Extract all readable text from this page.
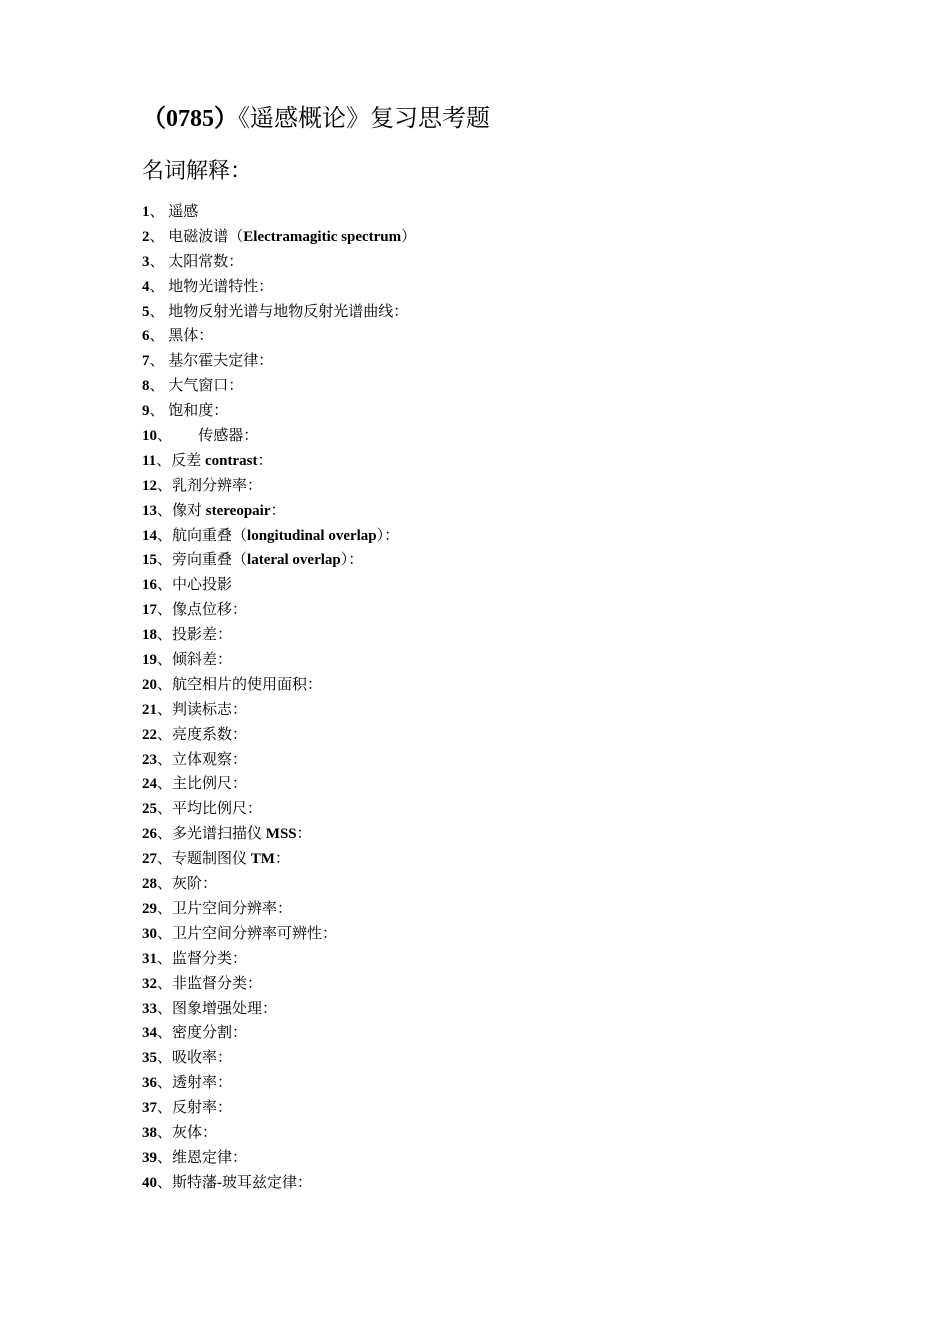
（0785）《遥感概论》复习思考题
名词解释：
1、 遥感
2、 电磁波谱（Electramagitic spectrum）
3、 太阳常数：
4、 地物光谱特性：
5、 地物反射光谱与地物反射光谱曲线：
6、 黑体：
7、 基尔霍夫定律：
8、 大气窗口：
9、 饱和度：
10、 传感器：
11、反差 contrast：
12、乳剂分辨率：
13、像对 stereopair：
14、航向重叠（longitudinal overlap）：
15、旁向重叠（lateral overlap）：
16、中心投影
17、像点位移：
18、投影差：
19、倾斜差：
20、航空相片的使用面积：
21、判读标志：
22、亮度系数：
23、立体观察：
24、主比例尺：
25、平均比例尺：
26、多光谱扫描仪 MSS：
27、专题制图仪 TM：
28、灰阶：
29、卫片空间分辨率：
30、卫片空间分辨率可辨性：
31、监督分类：
32、非监督分类：
33、图象增强处理：
34、密度分割：
35、吸收率：
36、透射率：
37、反射率：
38、灰体：
39、维恩定律：
40、斯特藩-玻耳兹定律：
